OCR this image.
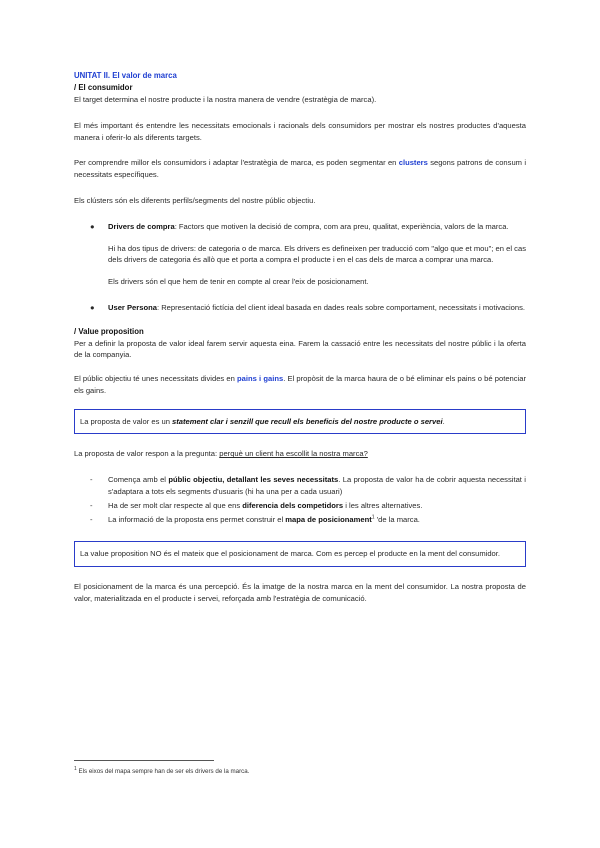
UNITAT II. El valor de marca

/ El consumidor

El target determina el nostre producte i la nostra manera de vendre (estratègia de marca).

El més important és entendre les necessitats emocionals i racionals dels consumidors per mostrar els nostres productes d'aquesta manera i oferir-lo als diferents targets.

Per comprendre millor els consumidors i adaptar l'estratègia de marca, es poden segmentar en clusters segons patrons de consum i necessitats específiques.

Els clústers són els diferents perfils/segments del nostre públic objectiu.

●	Drivers de compra: Factors que motiven la decisió de compra, com ara preu, qualitat, experiència, valors de la marca.

Hi ha dos tipus de drivers: de categoria o de marca. Els drivers es defineixen per traducció com "algo que et mou"; en el cas dels drivers de categoria és allò que et porta a compra el producte i en el cas dels de marca a comprar una marca.

Els drivers són el que hem de tenir en compte al crear l'eix de posicionament.

●	User Persona: Representació fictícia del client ideal basada en dades reals sobre comportament, necessitats i motivacions.

/ Value proposition

Per a definir la proposta de valor ideal farem servir aquesta eina. Farem la cassació entre les necessitats del nostre públic i la oferta de la companyia.

El públic objectiu té unes necessitats divides en pains i gains. El propòsit de la marca haura de o bé eliminar els pains o bé potenciar els gains.

La proposta de valor es un statement clar i senzill que recull els beneficis del nostre producte o servei.

La proposta de valor respon a la pregunta: perquè un client ha escollit la nostra marca?

-	Comença amb el públic objectiu, detallant les seves necessitats. La proposta de valor ha de cobrir aquesta necessitat i s'adaptara a tots els segments d'usuaris (hi ha una per a cada usuari)
-	Ha de ser molt clar respecte al que ens diferencia dels competidors i les altres alternatives.
-	La informació de la proposta ens permet construir el mapa de posicionament$^1$ 'de la marca.
La value proposition NO és el mateix que el posicionament de marca. Com es percep el producte en la ment del consumidor.

El posicionament de la marca és una percepció. És la imatge de la nostra marca en la ment del consumidor. La nostra proposta de valor, materialitzada en el producte i servei, reforçada amb l'estratègia de comunicació.

$^1$ Els eixos del mapa sempre han de ser els drivers de la marca.
